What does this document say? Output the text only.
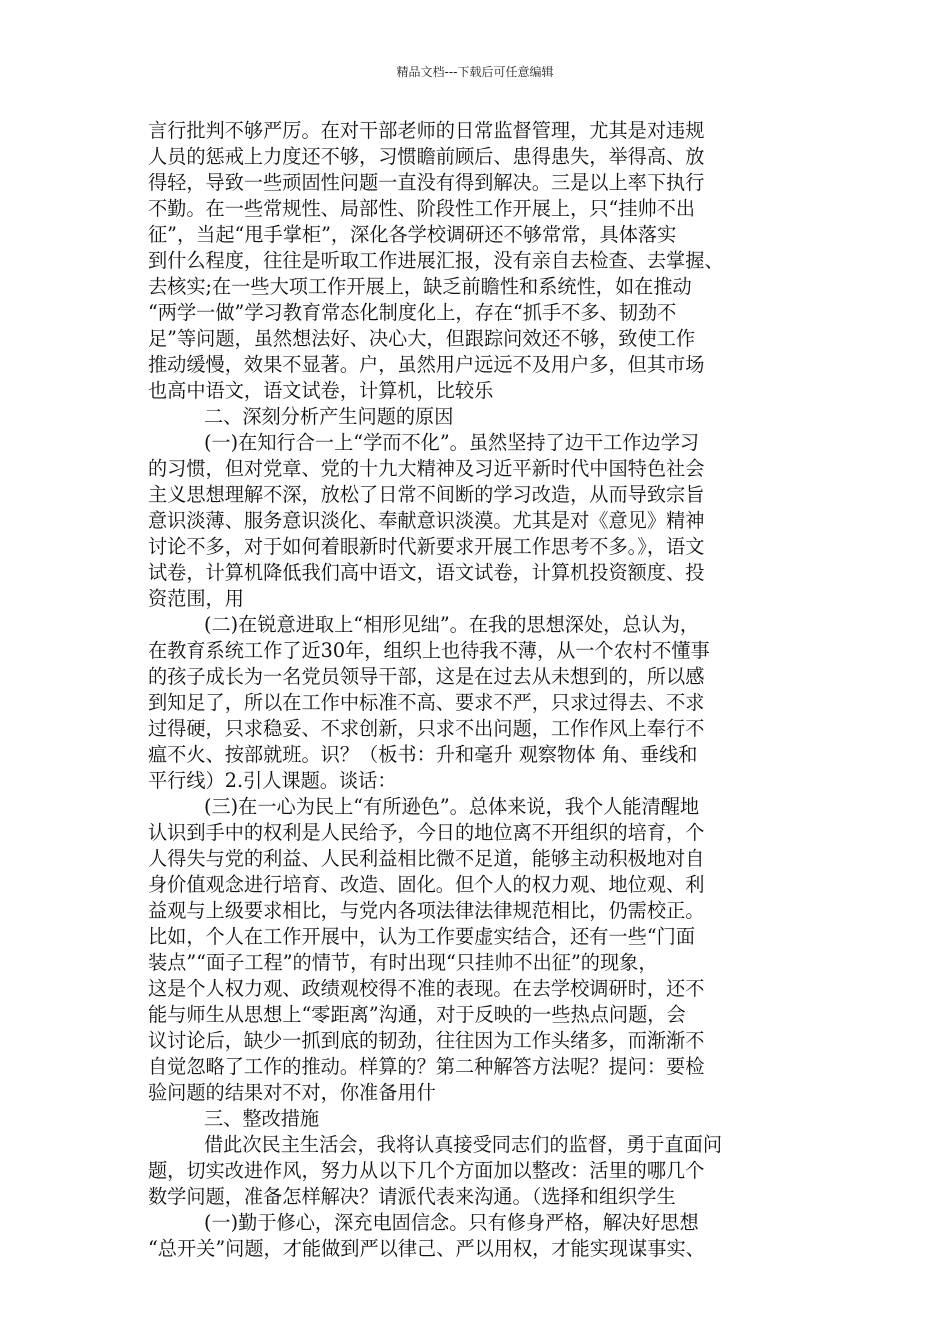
精品文档---下载后可任意编辑
言行批判不够严厉。在对干部老师的日常监督管理，尤其是对违规
人员的惩戒上力度还不够，习惯瞻前顾后、患得患失，举得高、放
得轻，导致一些顽固性问题一直没有得到解决。三是以上率下执行
不勤。在一些常规性、局部性、阶段性工作开展上，只“挂帅不出
征”，当起“甩手掌柜”，深化各学校调研还不够常常，具体落实
到什么程度，往往是听取工作进展汇报，没有亲自去检查、去掌握、
去核实;在一些大项工作开展上，缺乏前瞻性和系统性，如在推动
“两学一做”学习教育常态化制度化上，存在“抓手不多、韧劲不
足”等问题，虽然想法好、决心大，但跟踪问效还不够，致使工作
推动缓慢，效果不显著。户，虽然用户远远不及用户多，但其市场
也高中语文，语文试卷，计算机，比较乐
二、深刻分析产生问题的原因
(一)在知行合一上“学而不化”。虽然坚持了边干工作边学习
的习惯，但对党章、党的十九大精神及习近平新时代中国特色社会
主义思想理解不深，放松了日常不间断的学习改造，从而导致宗旨
意识淡薄、服务意识淡化、奉献意识淡漠。尤其是对《意见》精神
讨论不多，对于如何着眼新时代新要求开展工作思考不多。》，语文
试卷，计算机降低我们高中语文，语文试卷，计算机投资额度、投
资范围，用
(二)在锐意进取上“相形见绌”。在我的思想深处，总认为，
在教育系统工作了近30年，组织上也待我不薄，从一个农村不懂事
的孩子成长为一名党员领导干部，这是在过去从未想到的，所以感
到知足了，所以在工作中标准不高、要求不严，只求过得去、不求
过得硬，只求稳妥、不求创新，只求不出问题，工作作风上奉行不
瘟不火、按部就班。识？（板书：升和毫升 观察物体 角、垂线和
平行线）2.引人课题。谈话：
(三)在一心为民上“有所逊色”。总体来说，我个人能清醒地
认识到手中的权利是人民给予，今日的地位离不开组织的培育，个
人得失与党的利益、人民利益相比微不足道，能够主动积极地对自
身价值观念进行培育、改造、固化。但个人的权力观、地位观、利
益观与上级要求相比，与党内各项法律法律规范相比，仍需校正。
比如，个人在工作开展中，认为工作要虚实结合，还有一些“门面
装点”“面子工程”的情节，有时出现“只挂帅不出征”的现象，
这是个人权力观、政绩观校得不准的表现。在去学校调研时，还不
能与师生从思想上“零距离”沟通，对于反映的一些热点问题，会
议讨论后，缺少一抓到底的韧劲，往往因为工作头绪多，而渐渐不
自觉忽略了工作的推动。样算的？第二种解答方法呢？提问：要检
验问题的结果对不对，你准备用什
三、整改措施
借此次民主生活会，我将认真接受同志们的监督，勇于直面问
题，切实改进作风，努力从以下几个方面加以整改：活里的哪几个
数学问题，准备怎样解决？请派代表来沟通。（选择和组织学生
(一)勤于修心，深充电固信念。只有修身严格，解决好思想
“总开关”问题，才能做到严以律己、严以用权，才能实现谋事实、
